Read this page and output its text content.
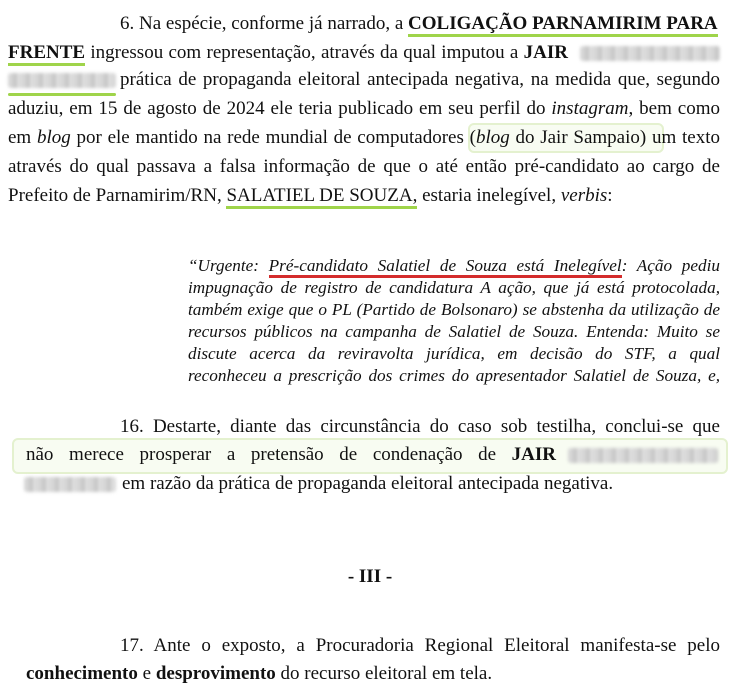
6. Na espécie, conforme já narrado, a COLIGAÇÃO PARNAMIRIM PARA
FRENTE ingressou com representação, através da qual imputou a JAIR
prática de propaganda eleitoral antecipada negativa, na medida que, segundo
aduziu, em 15 de agosto de 2024 ele teria publicado em seu perfil do instagram, bem como
em blog por ele mantido na rede mundial de computadores (blog do Jair Sampaio) um texto
através do qual passava a falsa informação de que o até então pré-candidato ao cargo de
Prefeito de Parnamirim/RN, SALATIEL DE SOUZA, estaria inelegível, verbis:
“Urgente: Pré-candidato Salatiel de Souza está Inelegível: Ação pediu
impugnação de registro de candidatura A ação, que já está protocolada,
também exige que o PL (Partido de Bolsonaro) se abstenha da utilização de
recursos públicos na campanha de Salatiel de Souza. Entenda: Muito se
discute acerca da reviravolta jurídica, em decisão do STF, a qual
reconheceu a prescrição dos crimes do apresentador Salatiel de Souza, e,
16. Destarte, diante das circunstância do caso sob testilha, conclui-se que
não merece prosperar a pretensão de condenação de JAIR
em razão da prática de propaganda eleitoral antecipada negativa.
- III -
17. Ante o exposto, a Procuradoria Regional Eleitoral manifesta-se pelo
conhecimento e desprovimento do recurso eleitoral em tela.
